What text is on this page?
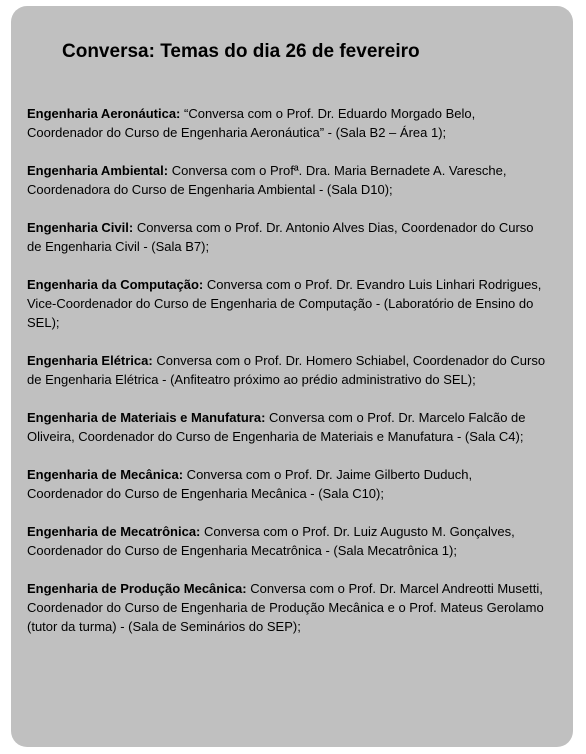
Conversa: Temas do dia 26 de fevereiro

Engenharia Aeronáutica: “Conversa com o Prof. Dr. Eduardo Morgado Belo, Coordenador do Curso de Engenharia Aeronáutica” - (Sala B2 – Área 1);

Engenharia Ambiental: Conversa com o Profª. Dra. Maria Bernadete A. Varesche, Coordenadora do Curso de Engenharia Ambiental - (Sala D10);

Engenharia Civil: Conversa com o Prof. Dr. Antonio Alves Dias, Coordenador do Curso de Engenharia Civil - (Sala B7);

Engenharia da Computação: Conversa com o Prof. Dr. Evandro Luis Linhari Rodrigues, Vice-Coordenador do Curso de Engenharia de Computação - (Laboratório de Ensino do SEL);

Engenharia Elétrica: Conversa com o Prof. Dr. Homero Schiabel, Coordenador do Curso de Engenharia Elétrica - (Anfiteatro próximo ao prédio administrativo do SEL);

Engenharia de Materiais e Manufatura: Conversa com o Prof. Dr. Marcelo Falcão de Oliveira, Coordenador do Curso de Engenharia de Materiais e Manufatura - (Sala C4);

Engenharia de Mecânica: Conversa com o Prof. Dr. Jaime Gilberto Duduch, Coordenador do Curso de Engenharia Mecânica - (Sala C10);

Engenharia de Mecatrônica: Conversa com o Prof. Dr. Luiz Augusto M. Gonçalves, Coordenador do Curso de Engenharia Mecatrônica - (Sala Mecatrônica 1);

Engenharia de Produção Mecânica: Conversa com o Prof. Dr. Marcel Andreotti Musetti, Coordenador do Curso de Engenharia de Produção Mecânica e o Prof. Mateus Gerolamo (tutor da turma) - (Sala de Seminários do SEP);
